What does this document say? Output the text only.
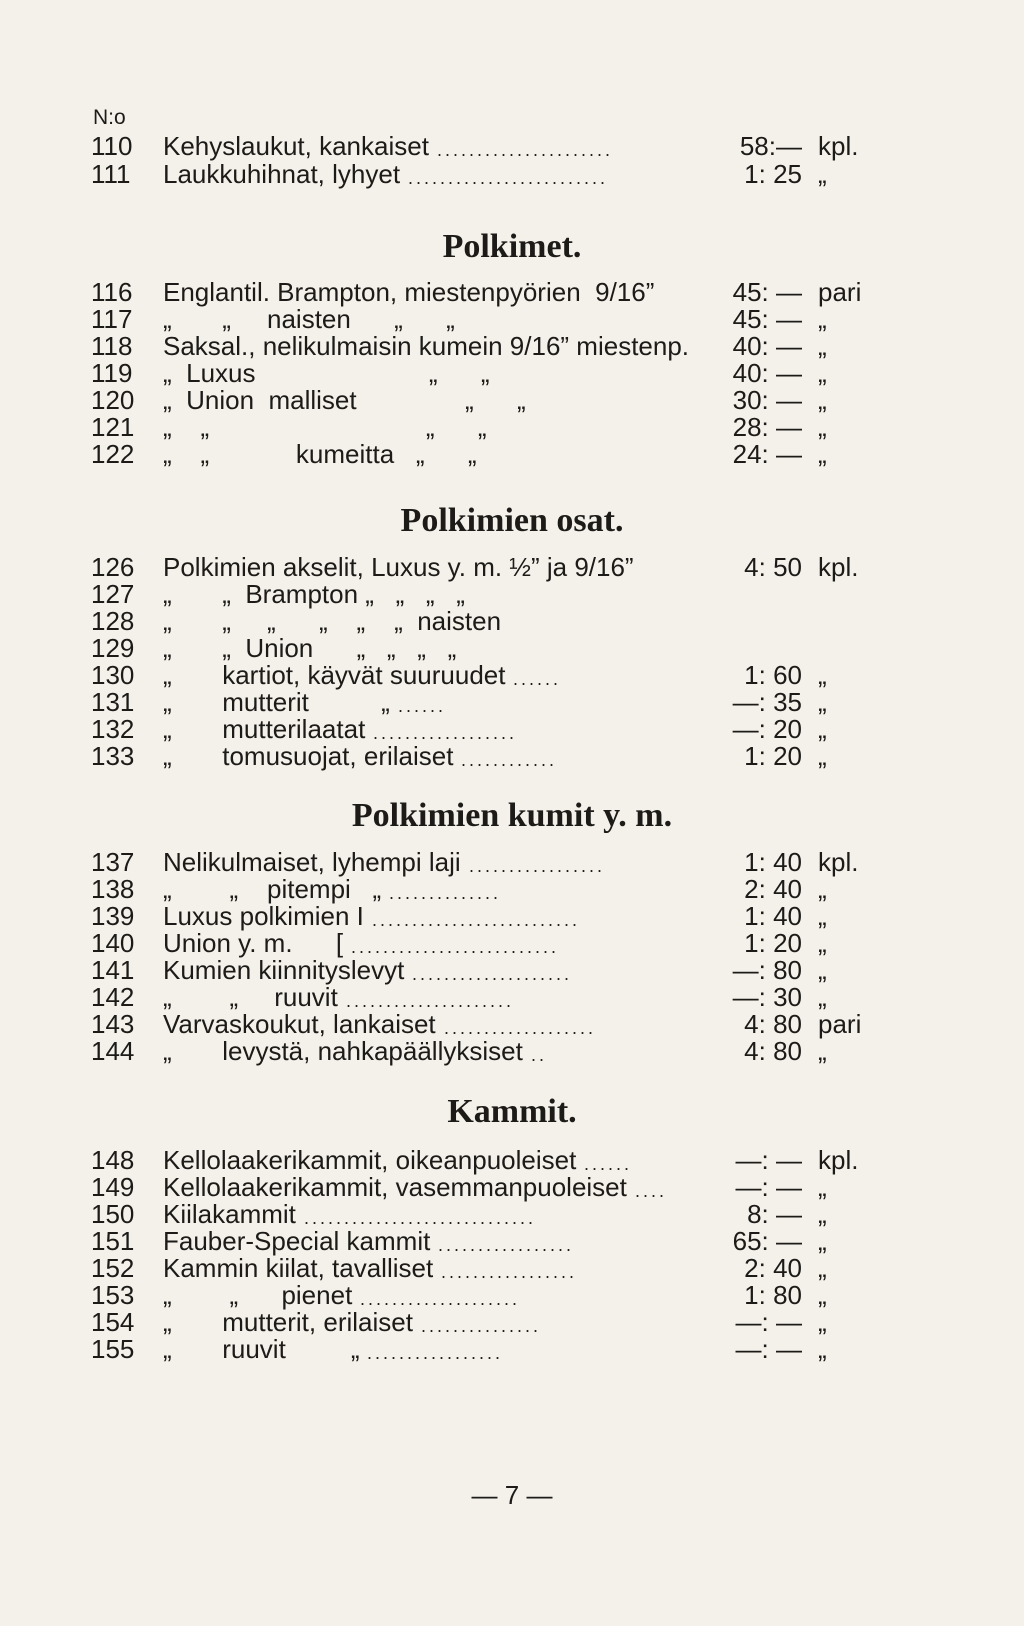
N:o
110 Kehyslaukut, kankaiset ......................	58:— kpl.
111	Laukkuhihnat, lyhyet .........................	1: 25 „
Polkimet.
116 Englantil. Brampton, miestenpyörien  9/16”	45: — pari
117 „       „     naisten      „      „	45: — „
118 Saksal., nelikulmaisin kumein 9/16” miestenp.	40: — „
119 „  Luxus                        „      „	40: — „
120 „  Union  malliset               „      „	30: — „
121 „    „                              „      „	28: — „
122 „    „            kumeitta   „      „	24: — „
Polkimien osat.
126 Polkimien akselit, Luxus y. m. ½” ja 9/16”	4: 50 kpl.
127 „       „  Brampton „   „   „   „
128 „       „     „      „    „    „  naisten
129 „       „  Union      „   „   „   „
130 „       kartiot, käyvät suuruudet ......	1: 60 „
131 „       mutterit          „ ......	—: 35 „
132 „       mutterilaatat ..................	—: 20 „
133 „       tomusuojat, erilaiset ............	1: 20 „
Polkimien kumit y. m.
137 Nelikulmaiset, lyhempi laji .................	1: 40 kpl.
138 „        „    pitempi   „ ..............	2: 40 „
139 Luxus polkimien I ..........................	1: 40 „
140 Union y. m.      [ ..........................	1: 20 „
141 Kumien kiinnityslevyt ....................	—: 80 „
142 „        „     ruuvit .....................	—: 30 „
143 Varvaskoukut, lankaiset ...................	4: 80 pari
144 „       levystä, nahkapäällyksiset ..	4: 80 „
Kammit.
148 Kellolaakerikammit, oikeanpuoleiset ......	—: — kpl.
149 Kellolaakerikammit, vasemmanpuoleiset ....	—: — „
150 Kiilakammit .............................	8: — „
151 Fauber-Special kammit .................	65: — „
152 Kammin kiilat, tavalliset .................	2: 40 „
153 „        „      pienet ....................	1: 80 „
154 „       mutterit, erilaiset ...............	—: — „
155 „       ruuvit         „ .................	—: — „
— 7 —
